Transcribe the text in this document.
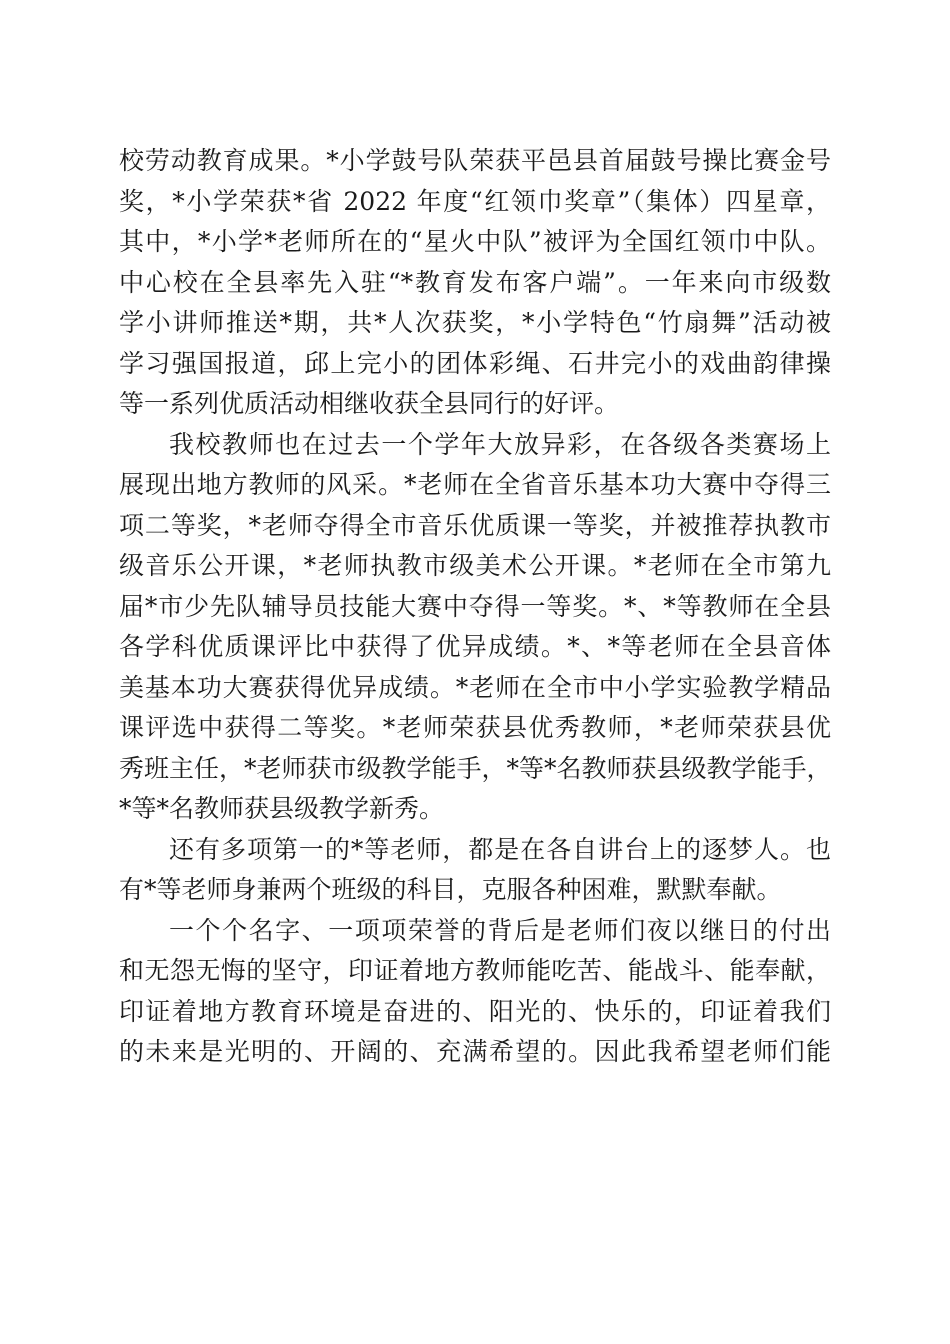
校劳动教育成果。*小学鼓号队荣获平邑县首届鼓号操比赛金号
奖，*小学荣获*省 2022 年度“红领巾奖章”（集体）四星章，
其中，*小学*老师所在的“星火中队”被评为全国红领巾中队。
中心校在全县率先入驻“*教育发布客户端”。一年来向市级数
学小讲师推送*期，共*人次获奖，*小学特色“竹扇舞”活动被
学习强国报道，邱上完小的团体彩绳、石井完小的戏曲韵律操
等一系列优质活动相继收获全县同行的好评。
我校教师也在过去一个学年大放异彩，在各级各类赛场上
展现出地方教师的风采。*老师在全省音乐基本功大赛中夺得三
项二等奖，*老师夺得全市音乐优质课一等奖，并被推荐执教市
级音乐公开课，*老师执教市级美术公开课。*老师在全市第九
届*市少先队辅导员技能大赛中夺得一等奖。*、*等教师在全县
各学科优质课评比中获得了优异成绩。*、*等老师在全县音体
美基本功大赛获得优异成绩。*老师在全市中小学实验教学精品
课评选中获得二等奖。*老师荣获县优秀教师，*老师荣获县优
秀班主任，*老师获市级教学能手，*等*名教师获县级教学能手，
*等*名教师获县级教学新秀。
还有多项第一的*等老师，都是在各自讲台上的逐梦人。也
有*等老师身兼两个班级的科目，克服各种困难，默默奉献。
一个个名字、一项项荣誉的背后是老师们夜以继日的付出
和无怨无悔的坚守，印证着地方教师能吃苦、能战斗、能奉献，
印证着地方教育环境是奋进的、阳光的、快乐的，印证着我们
的未来是光明的、开阔的、充满希望的。因此我希望老师们能
